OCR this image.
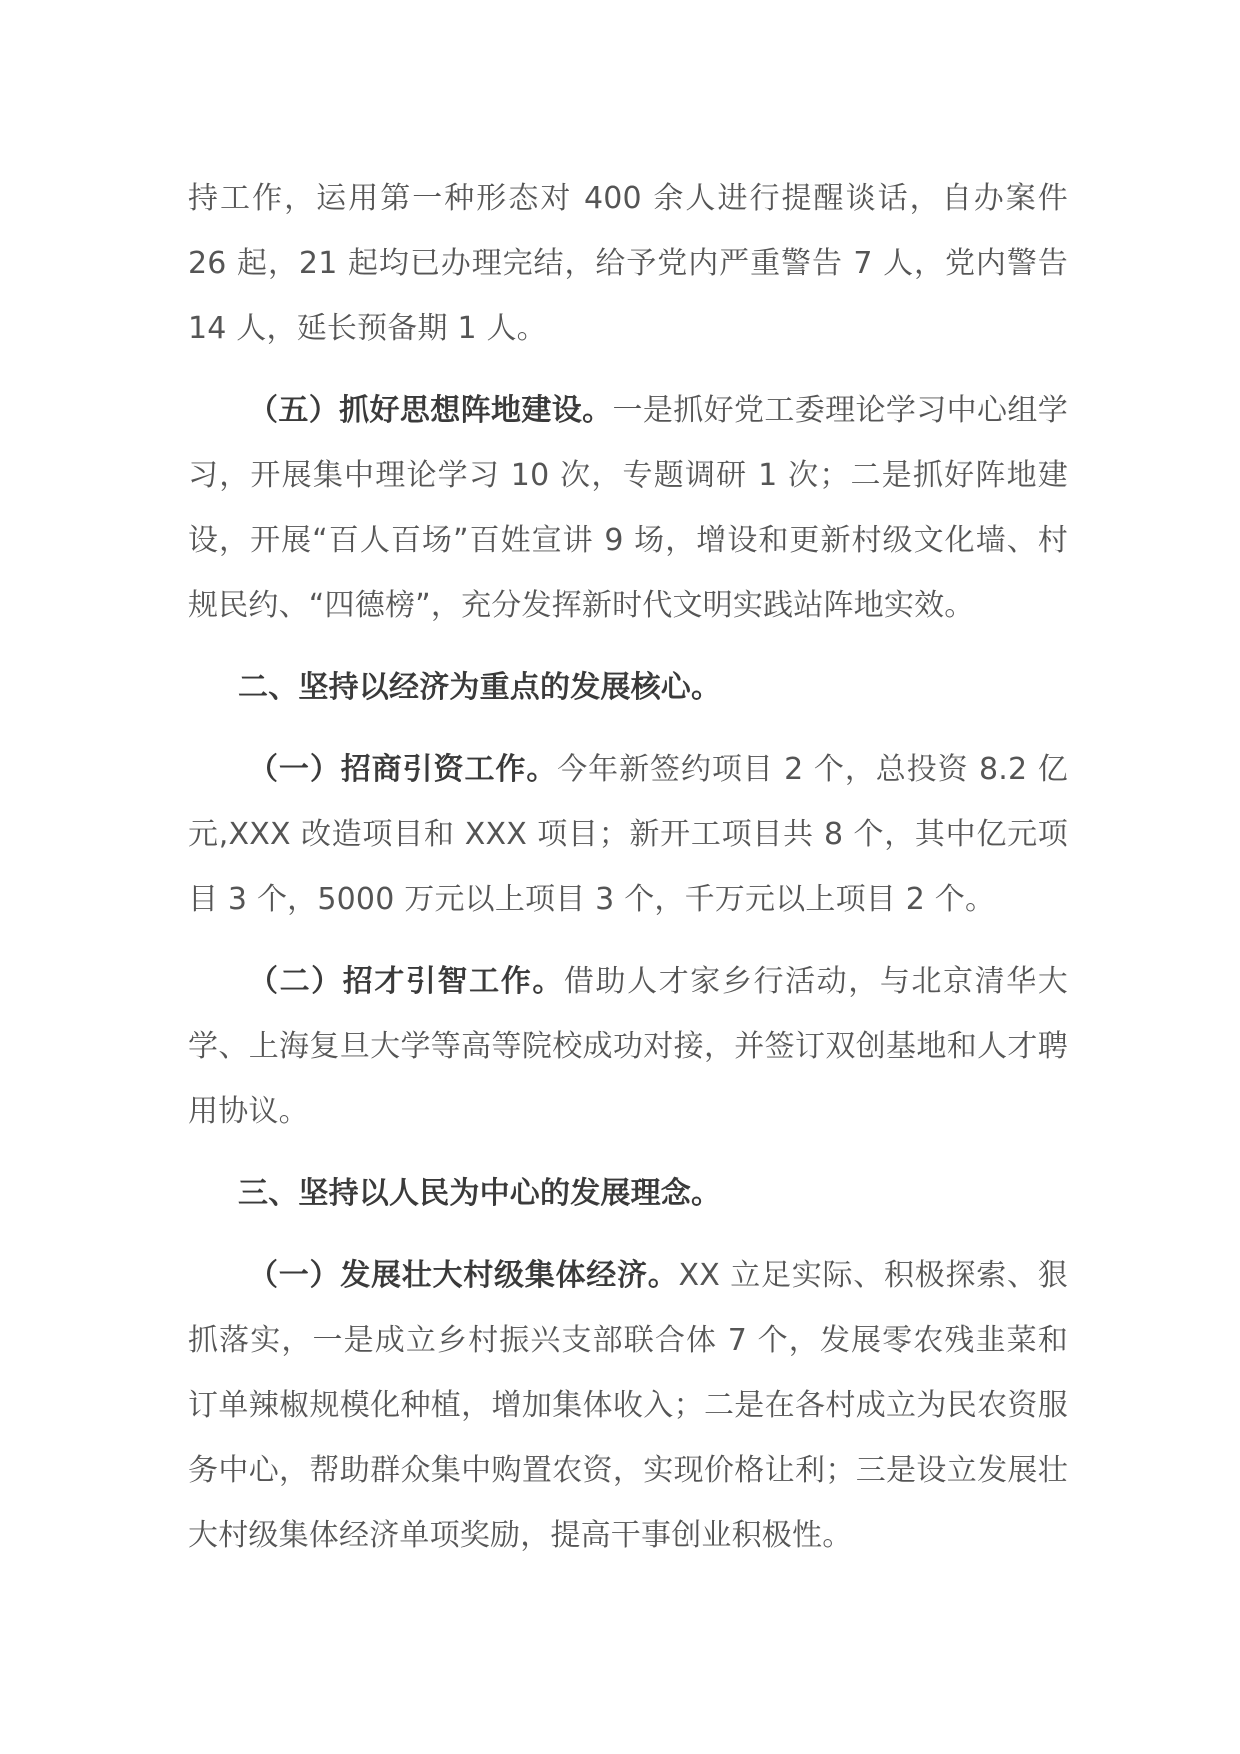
持工作，运用第一种形态对 400 余人进行提醒谈话，自办案件 26 起，21 起均已办理完结，给予党内严重警告 7 人，党内警告 14 人，延长预备期 1 人。

（五）抓好思想阵地建设。一是抓好党工委理论学习中心组学习，开展集中理论学习 10 次，专题调研 1 次；二是抓好阵地建设，开展“百人百场”百姓宣讲 9 场，增设和更新村级文化墙、村规民约、“四德榜”，充分发挥新时代文明实践站阵地实效。

二、坚持以经济为重点的发展核心。

（一）招商引资工作。今年新签约项目 2 个，总投资 8.2 亿元,XXX 改造项目和 XXX 项目；新开工项目共 8 个，其中亿元项目 3 个，5000 万元以上项目 3 个，千万元以上项目 2 个。

（二）招才引智工作。借助人才家乡行活动，与北京清华大学、上海复旦大学等高等院校成功对接，并签订双创基地和人才聘用协议。

三、坚持以人民为中心的发展理念。

（一）发展壮大村级集体经济。XX 立足实际、积极探索、狠抓落实，一是成立乡村振兴支部联合体 7 个，发展零农残韭菜和订单辣椒规模化种植，增加集体收入；二是在各村成立为民农资服务中心，帮助群众集中购置农资，实现价格让利；三是设立发展壮大村级集体经济单项奖励，提高干事创业积极性。
